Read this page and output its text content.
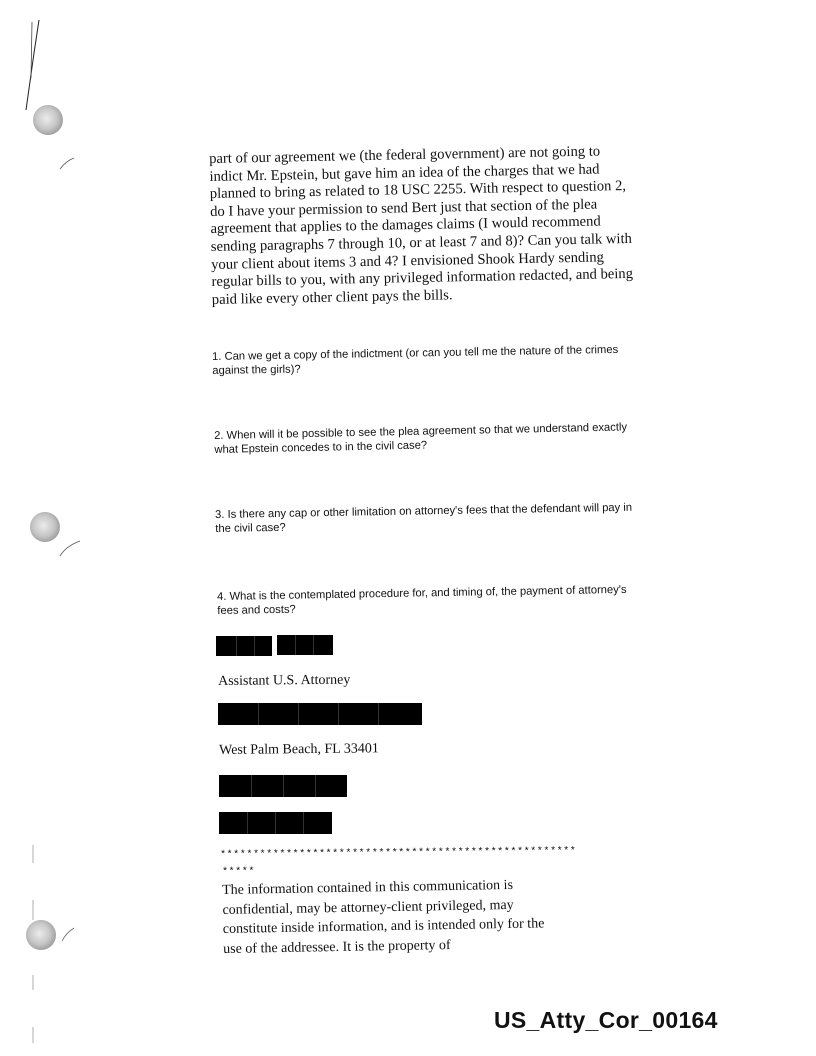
part of our agreement we (the federal government) are not going to indict Mr. Epstein, but gave him an idea of the charges that we had planned to bring as related to 18 USC 2255. With respect to question 2, do I have your permission to send Bert just that section of the plea agreement that applies to the damages claims (I would recommend sending paragraphs 7 through 10, or at least 7 and 8)? Can you talk with your client about items 3 and 4? I envisioned Shook Hardy sending regular bills to you, with any privileged information redacted, and being paid like every other client pays the bills.

1. Can we get a copy of the indictment (or can you tell me the nature of the crimes against the girls)?

2. When will it be possible to see the plea agreement so that we understand exactly what Epstein concedes to in the civil case?

3. Is there any cap or other limitation on attorney's fees that the defendant will pay in the civil case?

4. What is the contemplated procedure for, and timing of, the payment of attorney's fees and costs?

Assistant U.S. Attorney

West Palm Beach, FL 33401

******************************************************
*****

The information contained in this communication is confidential, may be attorney-client privileged, may constitute inside information, and is intended only for the use of the addressee. It is the property of

US_Atty_Cor_00164
